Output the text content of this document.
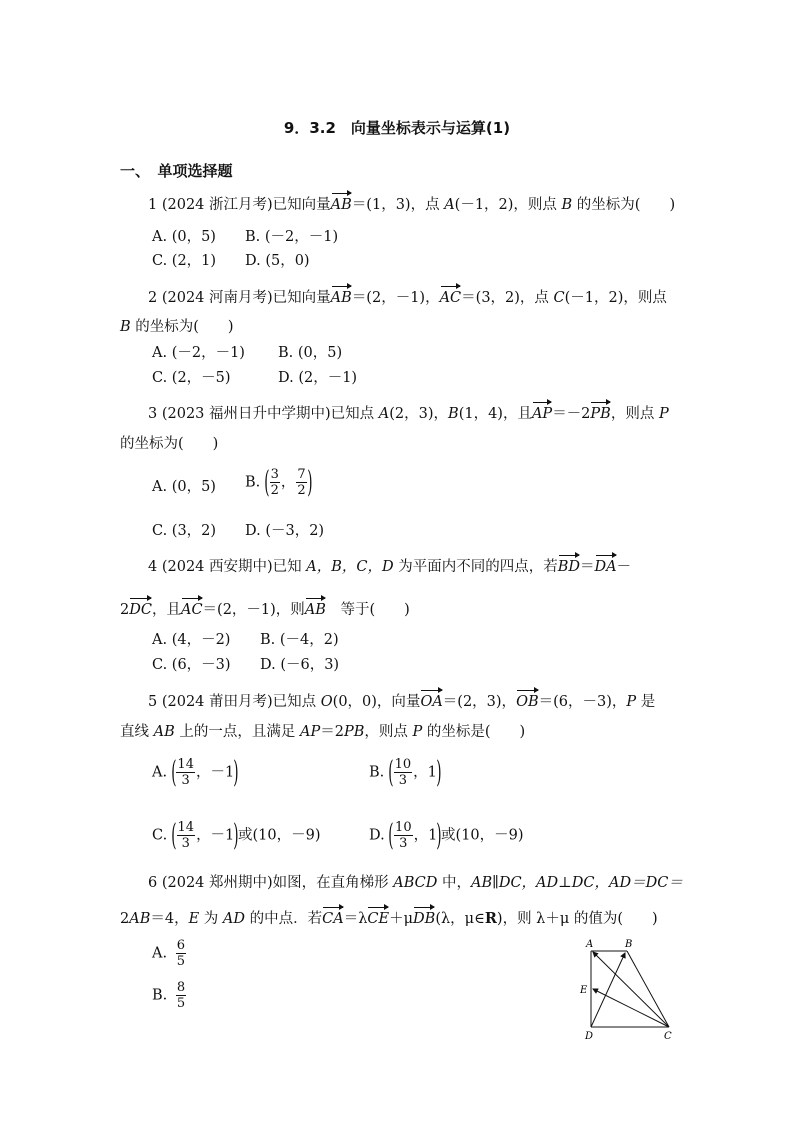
9．3.2　向量坐标表示与运算(1)
一、　单项选择题
1 (2024 浙江月考)已知向量AB＝(1，3)，点 A(－1，2)，则点 B 的坐标为(　　)
A. (0，5) B. (－2，－1)
C. (2，1) D. (5，0)
2 (2024 河南月考)已知向量AB＝(2，－1)，AC＝(3，2)，点 C(－1，2)，则点
B 的坐标为(　　)
A. (－2，－1) B. (0，5)
C. (2，－5)	D. (2，－1)
3 (2023 福州日升中学期中)已知点 A(2，3)，B(1，4)，且AP＝－2PB，则点 P
的坐标为(　　)
A. (0，5) B. ( $\frac{3}{2}$ ， $\frac{7}{2}$ )
C. (3，2) D. (－3，2)
4 (2024 西安期中)已知 A，B，C，D 为平面内不同的四点，若BD＝DA－
2DC，且AC＝(2，－1)，则AB　等于(　　)
A. (4，－2) B. (－4，2)
C. (6，－3) D. (－6，3)
5 (2024 莆田月考)已知点 O(0，0)，向量OA＝(2，3)，OB＝(6，－3)，P 是
直线 AB 上的一点，且满足 AP＝2PB，则点 P 的坐标是(　　)
A. ( $\frac{14}{3}$ ，－1)	B. ( $\frac{10}{3}$ ，1)
C. ( $\frac{14}{3}$ ，－1)或(10，－9)	D. ( $\frac{10}{3}$ ，1)或(10，－9)
6 (2024 郑州期中)如图，在直角梯形 ABCD 中，AB∥DC，AD⊥DC，AD＝DC＝
2AB＝4，E 为 AD 的中点．若CA＝λCE＋μDB(λ，μ∈R)，则 λ＋μ 的值为(　　)
A. $\frac{6}{5}$
B. $\frac{8}{5}$
A	B
C
D
E
